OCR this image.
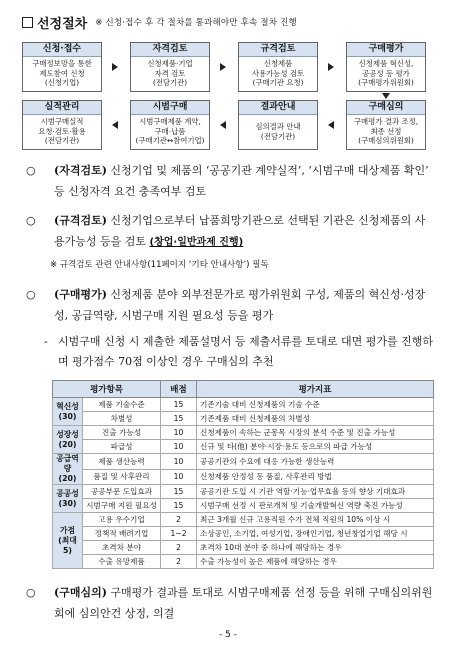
선정절차 ※ 신청·접수 후 각 절차를 통과해야만 후속 절차 진행
신청·접수
구매정보망을 통한
제도참여 신청
(신청기업)
자격검토
신청제품·기업
자격 검토
(전담기관)
규격검토
신청제품
사용가능성 검토
(구매기관 요청)
구매평가
신청제품 혁신성,
공공성 등 평가
(구매평가위원회)
실적관리
시범구매실적
요청·검토·활용
(전담기관)
시범구매
시범구매제품 계약,
구매·납품
(구매기관↔참여기업)
결과안내
심의결과 안내
(전담기관)
구매심의
구매평가 결과 조정,
최종 선정
(구매심의위원회)
○ (자격검토) 신청기업 및 제품의 ‘공공기관 계약실적’, ‘시범구매 대상제품 확인’ 등 신청자격 요건 충족여부 검토
○ (규격검토) 신청기업으로부터 납품희망기관으로 선택된 기관은 신청제품의 사용가능성 등을 검토 (창업·일반과제 진행)
※ 규격검토 관련 안내사항(11페이지 ‘기타 안내사항’) 필독
○ (구매평가) 신청제품 분야 외부전문가로 평가위원회 구성, 제품의 혁신성·성장성, 공급역량, 시범구매 지원 필요성 등을 평가
- 시범구매 신청 시 제출한 제품설명서 등 제출서류를 토대로 대면 평가를 진행하며 평가점수 70점 이상인 경우 구매심의 추천
평가항목		배점	평가지표

혁신성
(30)	제품 기술수준	15	기존기술 대비 신청제품의 기술 수준
	차별성	15	기존제품 대비 신청제품의 차별성

성장성
(20)	진출 가능성	10	신청제품이 속하는 군몽목 시장의 분석 수준 및 진출 가능성
	파급성	10	신규 및 타(他) 분야·시장·용도 등으로의 파급 가능성

공급역량
(20)	제품 생산능력	10	공공기관의 수요에 대응 가능한 생산능력
	품질 및 사후관리	10	신청제품 안정성 등 품질, 사후관리 방법

공공성
(30)	공공부문 도입효과	15	공공기관 도입 시 기관 역할·기능·업무효율 등의 향상 기대효과
	시범구매 지원 필요성	15	시범구매 선정 시 판로개척 및 기술개발혁신 역량 축진 가능성

가점
(최대 5)	고용 우수기업	2	최근 3개월 신규 고용직원 수가 전체 직원의 10% 이상 시
	정책적 배려기업	1~2	소상공인, 소기업, 여성기업, 장애인기업, 청년창업기업 해당 시
	초격차 분야	2	초격차 10대 분야 중 하나에 해당하는 경우
	수출 유망제품	2	수출 가능성이 높은 제품에 해당하는 경우
○ (구매심의) 구매평가 결과를 토대로 시범구매제품 선정 등을 위해 구매심의위원회에 심의안건 상정, 의결
- 5 -
